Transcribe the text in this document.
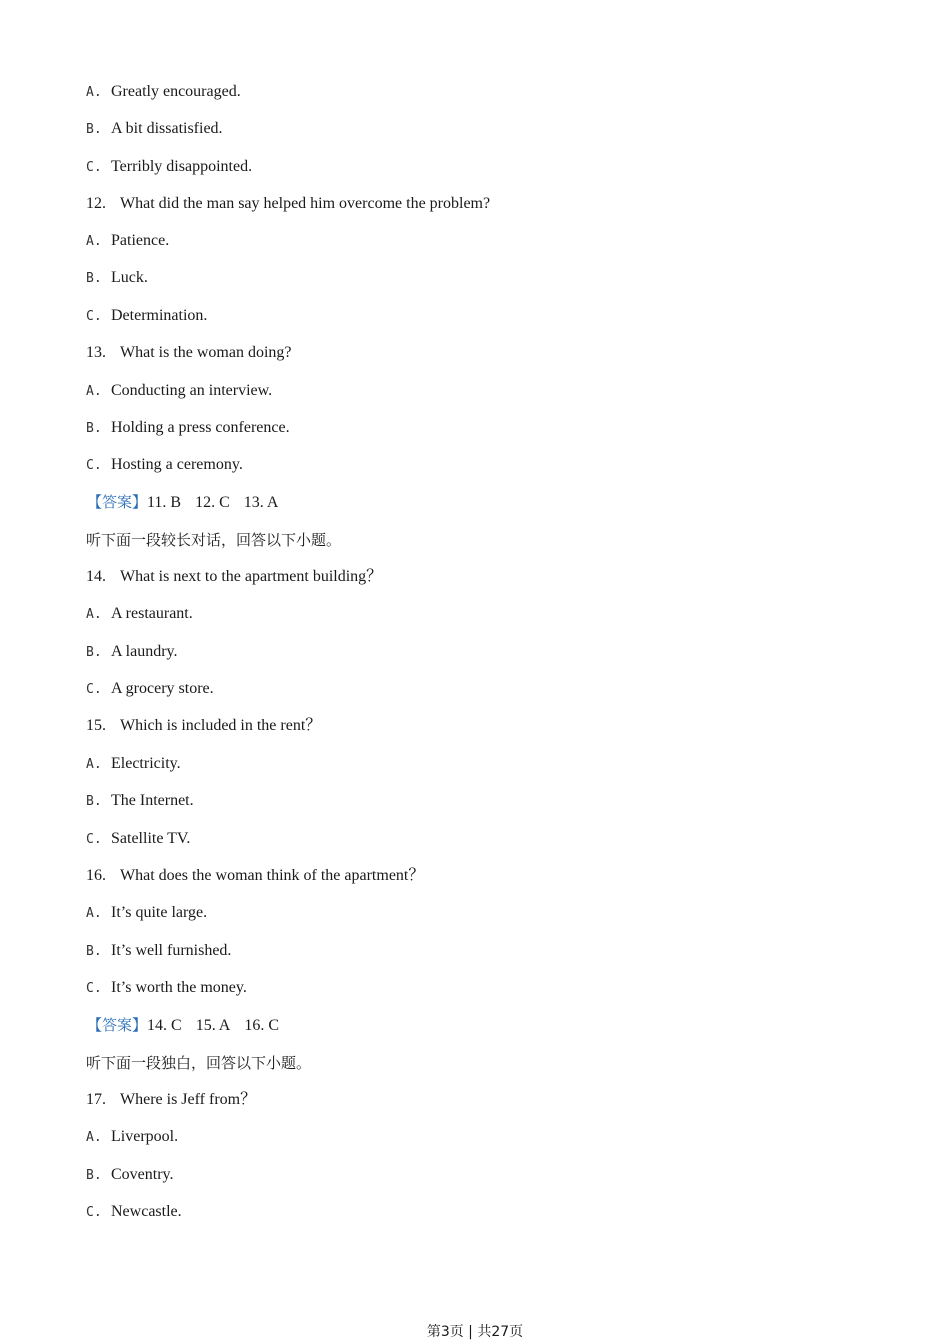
A. Greatly encouraged.
B. A bit dissatisfied.
C. Terribly disappointed.
12. What did the man say helped him overcome the problem?
A. Patience.
B. Luck.
C. Determination.
13. What is the woman doing?
A. Conducting an interview.
B. Holding a press conference.
C. Hosting a ceremony.
【答案】11. B 12. C 13. A
听下面一段较长对话，回答以下小题。
14. What is next to the apartment building？
A. A restaurant.
B. A laundry.
C. A grocery store.
15. Which is included in the rent？
A. Electricity.
B. The Internet.
C. Satellite TV.
16. What does the woman think of the apartment？
A. It’s quite large.
B. It’s well furnished.
C. It’s worth the money.
【答案】14. C 15. A 16. C
听下面一段独白，回答以下小题。
17. Where is Jeff from？
A. Liverpool.
B. Coventry.
C. Newcastle.
第3页 | 共27页
